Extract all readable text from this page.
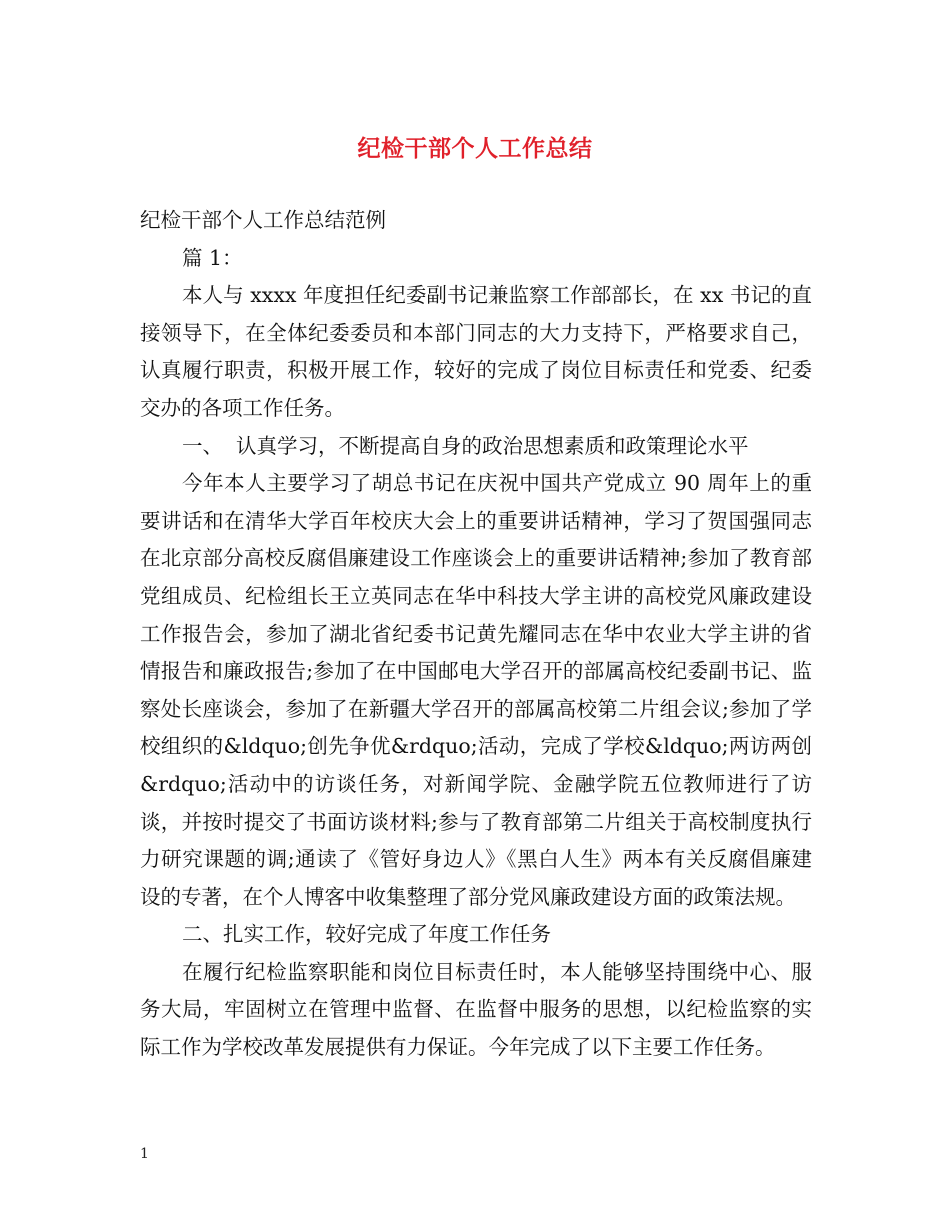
纪检干部个人工作总结

纪检干部个人工作总结范例

篇 1：

本人与 xxxx 年度担任纪委副书记兼监察工作部部长，在 xx 书记的直接领导下，在全体纪委委员和本部门同志的大力支持下，严格要求自己，认真履行职责，积极开展工作，较好的完成了岗位目标责任和党委、纪委交办的各项工作任务。

一、  认真学习，不断提高自身的政治思想素质和政策理论水平

今年本人主要学习了胡总书记在庆祝中国共产党成立 90 周年上的重要讲话和在清华大学百年校庆大会上的重要讲话精神，学习了贺国强同志在北京部分高校反腐倡廉建设工作座谈会上的重要讲话精神;参加了教育部党组成员、纪检组长王立英同志在华中科技大学主讲的高校党风廉政建设工作报告会，参加了湖北省纪委书记黄先耀同志在华中农业大学主讲的省情报告和廉政报告;参加了在中国邮电大学召开的部属高校纪委副书记、监察处长座谈会，参加了在新疆大学召开的部属高校第二片组会议;参加了学校组织的&ldquo;创先争优&rdquo;活动，完成了学校&ldquo;两访两创&rdquo;活动中的访谈任务，对新闻学院、金融学院五位教师进行了访谈，并按时提交了书面访谈材料;参与了教育部第二片组关于高校制度执行力研究课题的调;通读了《管好身边人》《黑白人生》两本有关反腐倡廉建设的专著，在个人博客中收集整理了部分党风廉政建设方面的政策法规。

二、扎实工作，较好完成了年度工作任务

在履行纪检监察职能和岗位目标责任时，本人能够坚持围绕中心、服务大局，牢固树立在管理中监督、在监督中服务的思想，以纪检监察的实际工作为学校改革发展提供有力保证。今年完成了以下主要工作任务。

1
